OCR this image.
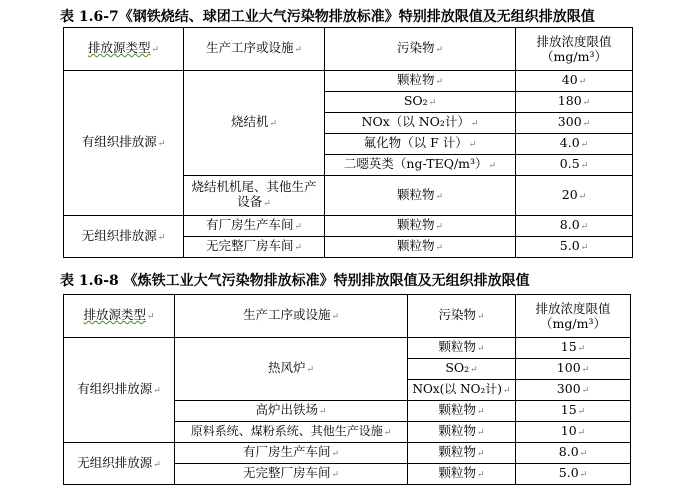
表 1.6-7《钢铁烧结、球团工业大气污染物排放标准》特别排放限值及无组织排放限值
排放源类型 ↵	生产工序或设施 ↵	污染物 ↵	排放浓度限值
（mg/m³）

有组织排放源 ↵	烧结机 ↵	颗粒物 ↵	40 ↵
		SO₂ ↵	180 ↵
		NOx（以 NO₂计） ↵	300 ↵
		氟化物（以 F 计） ↵	4.0 ↵
		二噁英类（ng-TEQ/m³） ↵	0.5 ↵
	烧结机机尾、其他生产设备 ↵	颗粒物 ↵	20 ↵
无组织排放源 ↵	有厂房生产车间 ↵	颗粒物 ↵	8.0 ↵
	无完整厂房车间 ↵	颗粒物 ↵	5.0 ↵
表 1.6-8 《炼铁工业大气污染物排放标准》特别排放限值及无组织排放限值
排放源类型 ↵	生产工序或设施 ↵	污染物 ↵	排放浓度限值
（mg/m³）

有组织排放源 ↵	热风炉 ↵	颗粒物 ↵	15 ↵
		SO₂ ↵	100 ↵
		NOx(以 NO₂计) ↵	300 ↵
	高炉出铁场 ↵	颗粒物 ↵	15 ↵
	原料系统、煤粉系统、其他生产设施 ↵	颗粒物 ↵	10 ↵
无组织排放源 ↵	有厂房生产车间 ↵	颗粒物 ↵	8.0 ↵
	无完整厂房车间 ↵	颗粒物 ↵	5.0 ↵
